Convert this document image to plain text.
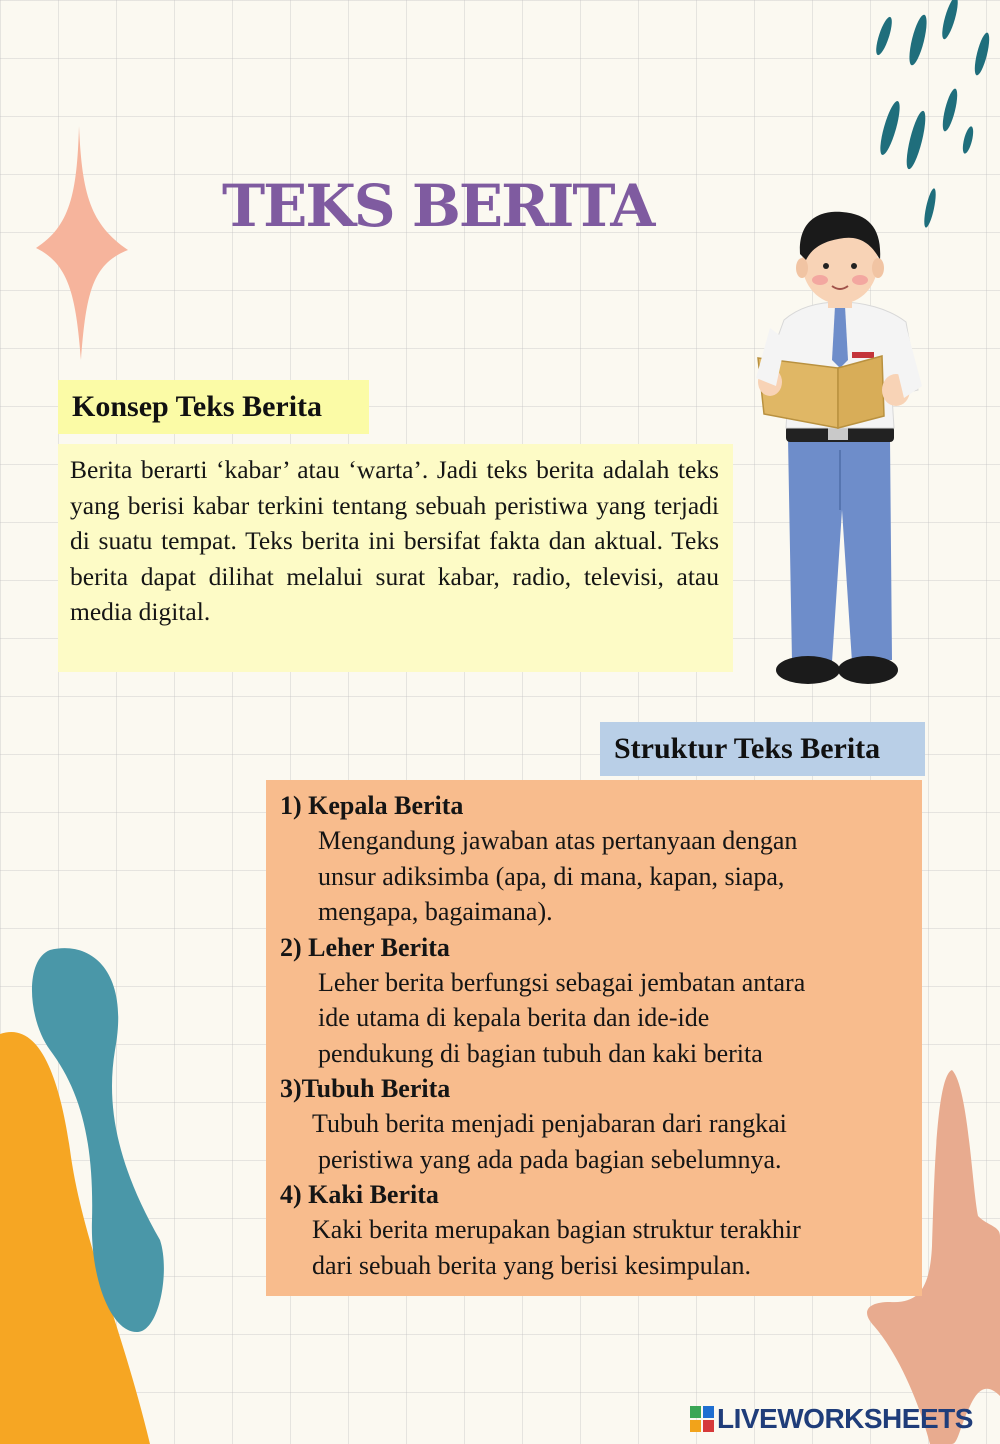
TEKS BERITA
Konsep Teks Berita

Berita berarti ‘kabar’ atau ‘warta’. Jadi teks berita adalah teks yang berisi kabar terkini tentang sebuah peristiwa yang terjadi di suatu tempat. Teks berita ini bersifat fakta dan aktual. Teks berita dapat dilihat melalui surat kabar, radio, televisi, atau media digital.

Struktur Teks Berita
1) Kepala Berita
Mengandung jawaban atas pertanyaan dengan
unsur adiksimba (apa, di mana, kapan, siapa,
mengapa, bagaimana).
2) Leher Berita
Leher berita berfungsi sebagai jembatan antara
ide utama di kepala berita dan ide-ide
pendukung di bagian tubuh dan kaki berita
3)Tubuh Berita
Tubuh berita menjadi penjabaran dari rangkai
peristiwa yang ada pada bagian sebelumnya.
4) Kaki Berita
Kaki berita merupakan bagian struktur terakhir
dari sebuah berita yang berisi kesimpulan.
LIVEWORKSHEETS
